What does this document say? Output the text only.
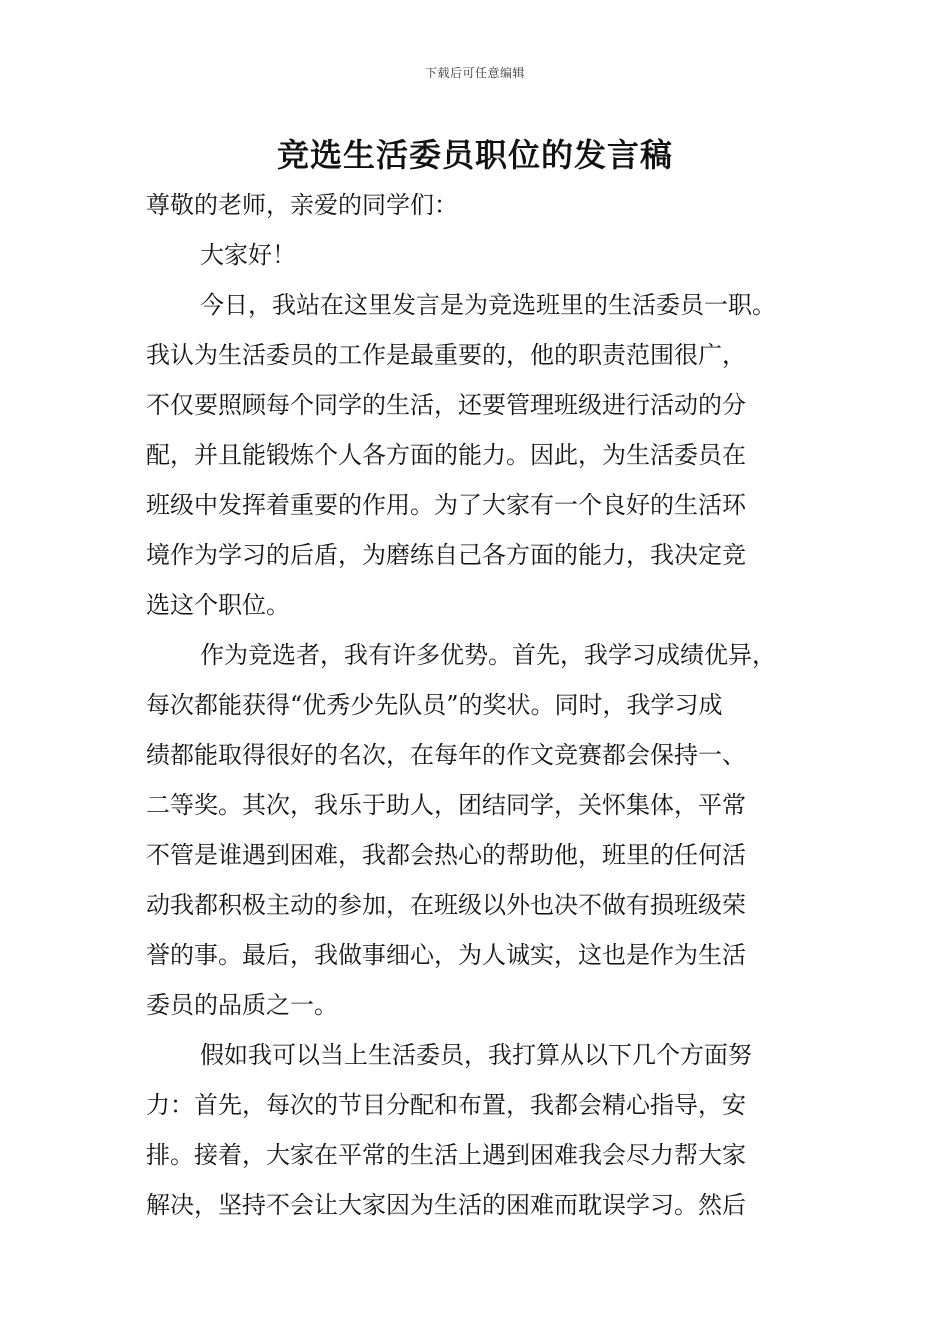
下载后可任意编辑
竞选生活委员职位的发言稿
尊敬的老师，亲爱的同学们：
大家好！
今日，我站在这里发言是为竞选班里的生活委员一职。
我认为生活委员的工作是最重要的，他的职责范围很广，
不仅要照顾每个同学的生活，还要管理班级进行活动的分
配，并且能锻炼个人各方面的能力。因此，为生活委员在
班级中发挥着重要的作用。为了大家有一个良好的生活环
境作为学习的后盾，为磨练自己各方面的能力，我决定竞
选这个职位。
作为竞选者，我有许多优势。首先，我学习成绩优异，
每次都能获得“优秀少先队员”的奖状。同时，我学习成
绩都能取得很好的名次，在每年的作文竞赛都会保持一、
二等奖。其次，我乐于助人，团结同学，关怀集体，平常
不管是谁遇到困难，我都会热心的帮助他，班里的任何活
动我都积极主动的参加，在班级以外也决不做有损班级荣
誉的事。最后，我做事细心，为人诚实，这也是作为生活
委员的品质之一。
假如我可以当上生活委员，我打算从以下几个方面努
力：首先，每次的节目分配和布置，我都会精心指导，安
排。接着，大家在平常的生活上遇到困难我会尽力帮大家
解决，坚持不会让大家因为生活的困难而耽误学习。然后
